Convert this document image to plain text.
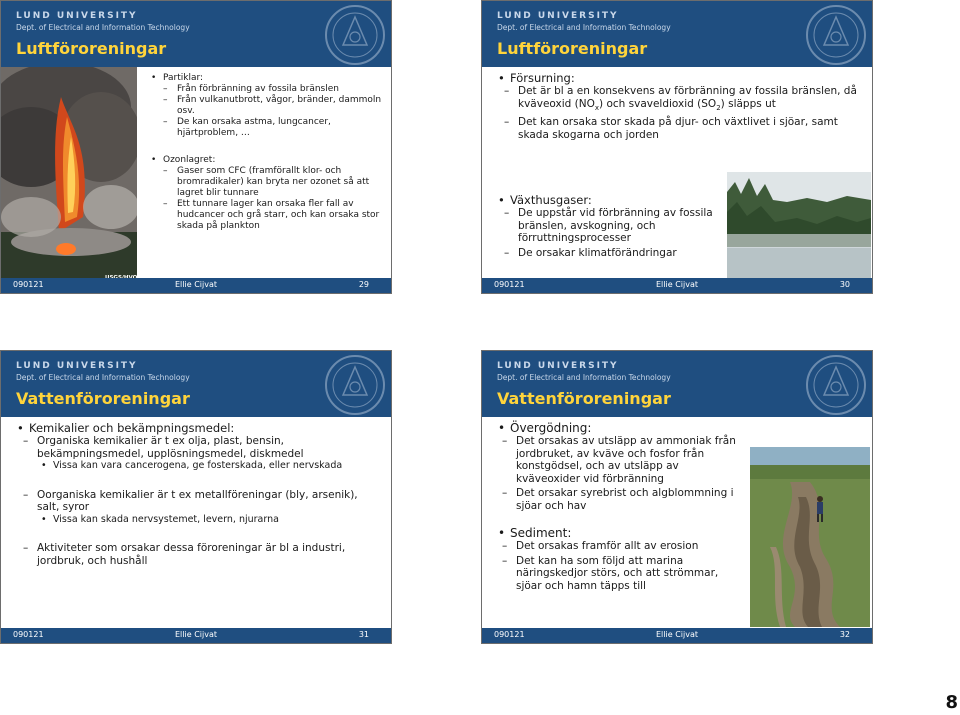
LUND UNIVERSITY
Dept. of Electrical and Information Technology
Luftföroreningar

• Partiklar:

– Från förbränning av fossila bränslen

– Från vulkanutbrott, vågor, bränder, dammoln osv.

– De kan orsaka astma, lungcancer, hjärtproblem, …

• Ozonlagret:

– Gaser som CFC (framförallt klor- och bromradikaler) kan bryta ner ozonet så att lagret blir tunnare

– Ett tunnare lager kan orsaka fler fall av hudcancer och grå starr, och kan orsaka stor skada på plankton

090121	Ellie Cijvat	29
LUND UNIVERSITY
Dept. of Electrical and Information Technology
Luftföroreningar

• Försurning:

– Det är bl a en konsekvens av förbränning av fossila bränslen, då kväveoxid $(NO_x)$ och svaveldioxid $(SO_2)$ släpps ut

– Det kan orsaka stor skada på djur- och växtlivet i sjöar, samt skada skogarna och jorden

• Växthusgaser:

– De uppstår vid förbränning av fossila bränslen, avskogning, och förruttningsprocesser

– De orsakar klimatförändringar

090121	Ellie Cijvat	30
LUND UNIVERSITY
Dept. of Electrical and Information Technology
Vattenföroreningar

• Kemikalier och bekämpningsmedel:

– Organiska kemikalier är t ex olja, plast, bensin, bekämpningsmedel, upplösningsmedel, diskmedel

• Vissa kan vara cancerogena, ge fosterskada, eller nervskada

– Oorganiska kemikalier är t ex metallföreningar (bly, arsenik), salt, syror

• Vissa kan skada nervsystemet, levern, njurarna

– Aktiviteter som orsakar dessa föroreningar är bl a industri, jordbruk, och hushåll

090121	Ellie Cijvat	31
LUND UNIVERSITY
Dept. of Electrical and Information Technology
Vattenföroreningar

• Övergödning:

– Det orsakas av utsläpp av ammoniak från jordbruket, av kväve och fosfor från konstgödsel, och av utsläpp av kväveoxider vid förbränning

– Det orsakar syrebrist och algblommning i sjöar och hav

• Sediment:

– Det orsakas framför allt av erosion

– Det kan ha som följd att marina näringskedjor störs, och att strömmar, sjöar och hamn täpps till

090121	Ellie Cijvat	32
8
